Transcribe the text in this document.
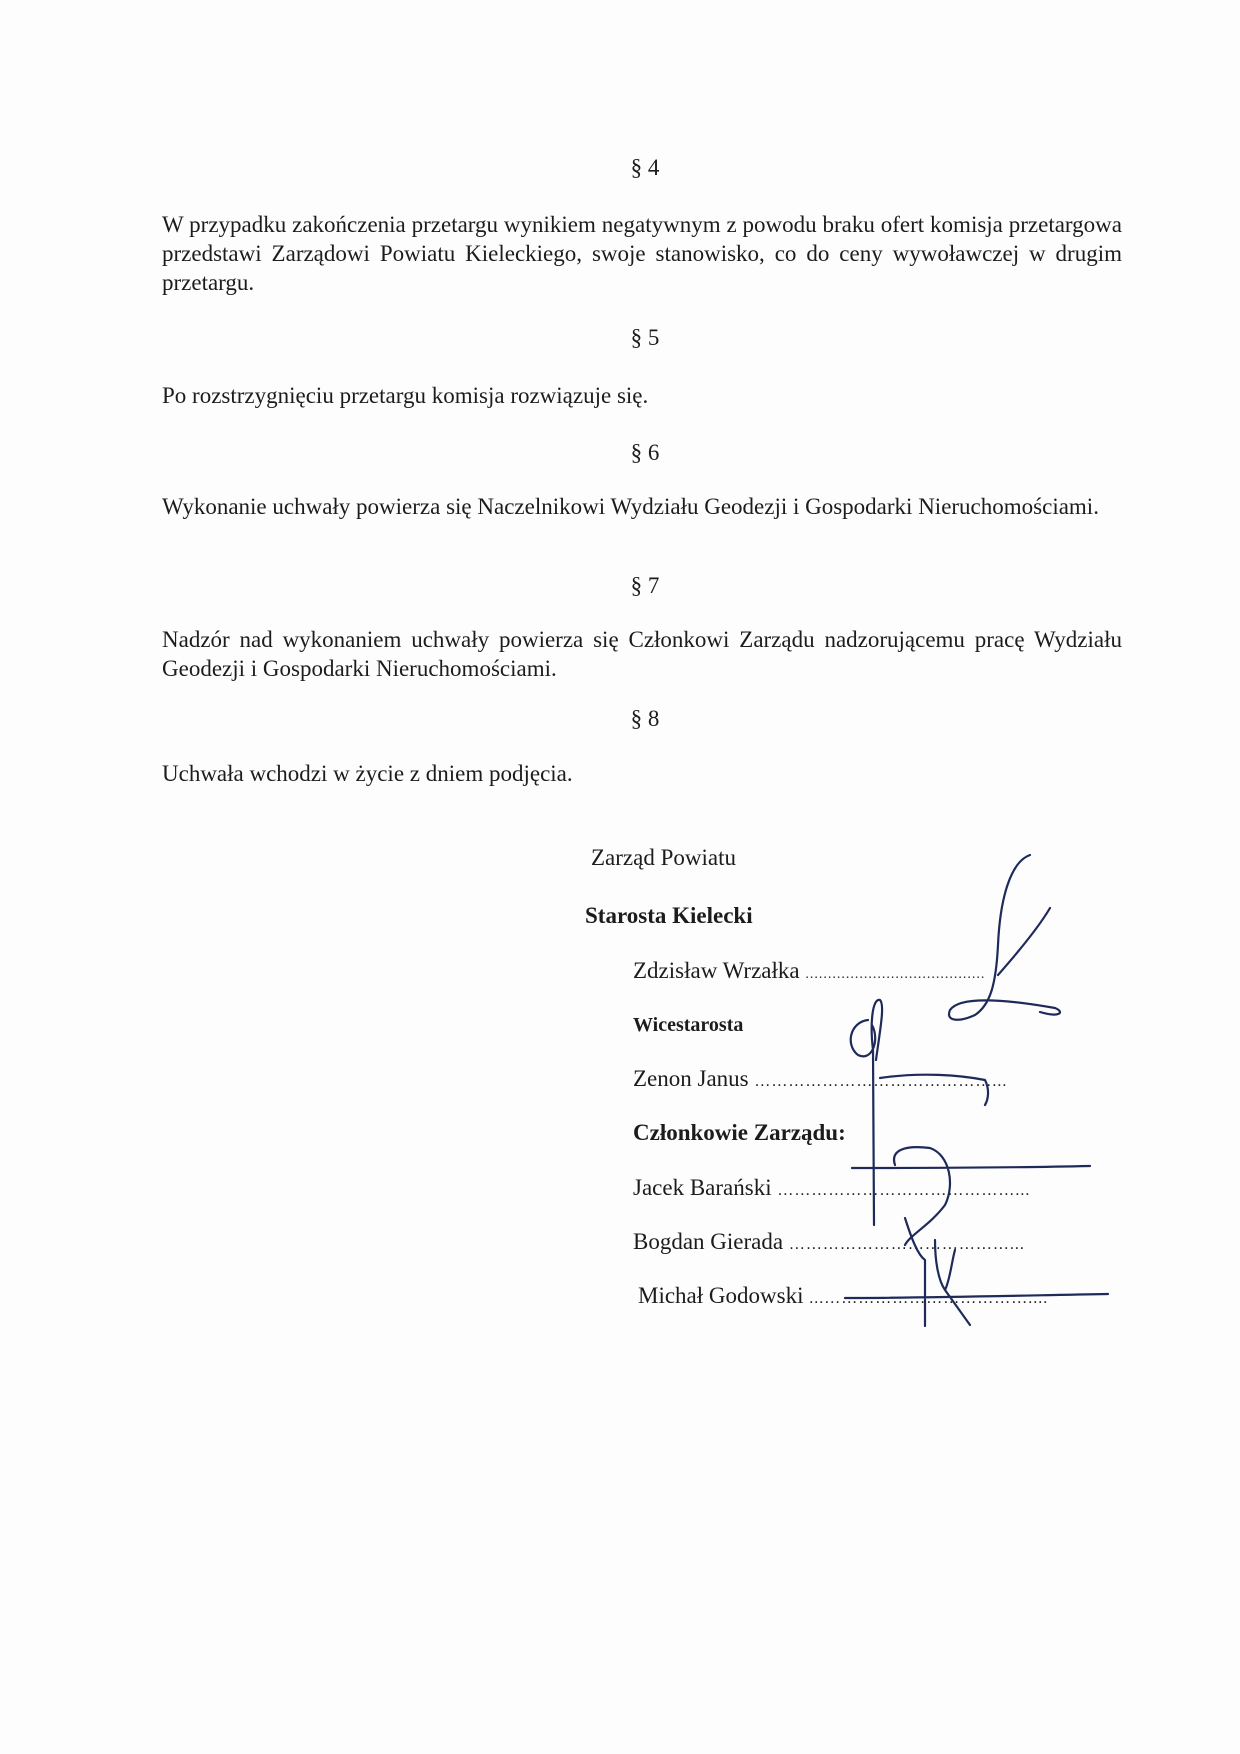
§ 4

W przypadku zakończenia przetargu wynikiem negatywnym z powodu braku ofert komisja przetargowa przedstawi Zarządowi Powiatu Kieleckiego, swoje stanowisko, co do ceny wywoławczej w drugim przetargu.

§ 5

Po rozstrzygnięciu przetargu komisja rozwiązuje się.

§ 6

Wykonanie uchwały powierza się Naczelnikowi Wydziału Geodezji i Gospodarki Nieruchomościami.

§ 7

Nadzór nad wykonaniem uchwały powierza się Członkowi Zarządu nadzorującemu pracę Wydziału Geodezji i Gospodarki Nieruchomościami.

§ 8

Uchwała wchodzi w życie z dniem podjęcia.

Zarząd Powiatu
Starosta Kielecki
Zdzisław Wrzałka ........................................
Wicestarosta
Zenon Janus ……………………………………...
Członkowie Zarządu:
Jacek Barański ……………………………………...
Bogdan Gierada …………………………………...
Michał Godowski ...………………………………....
